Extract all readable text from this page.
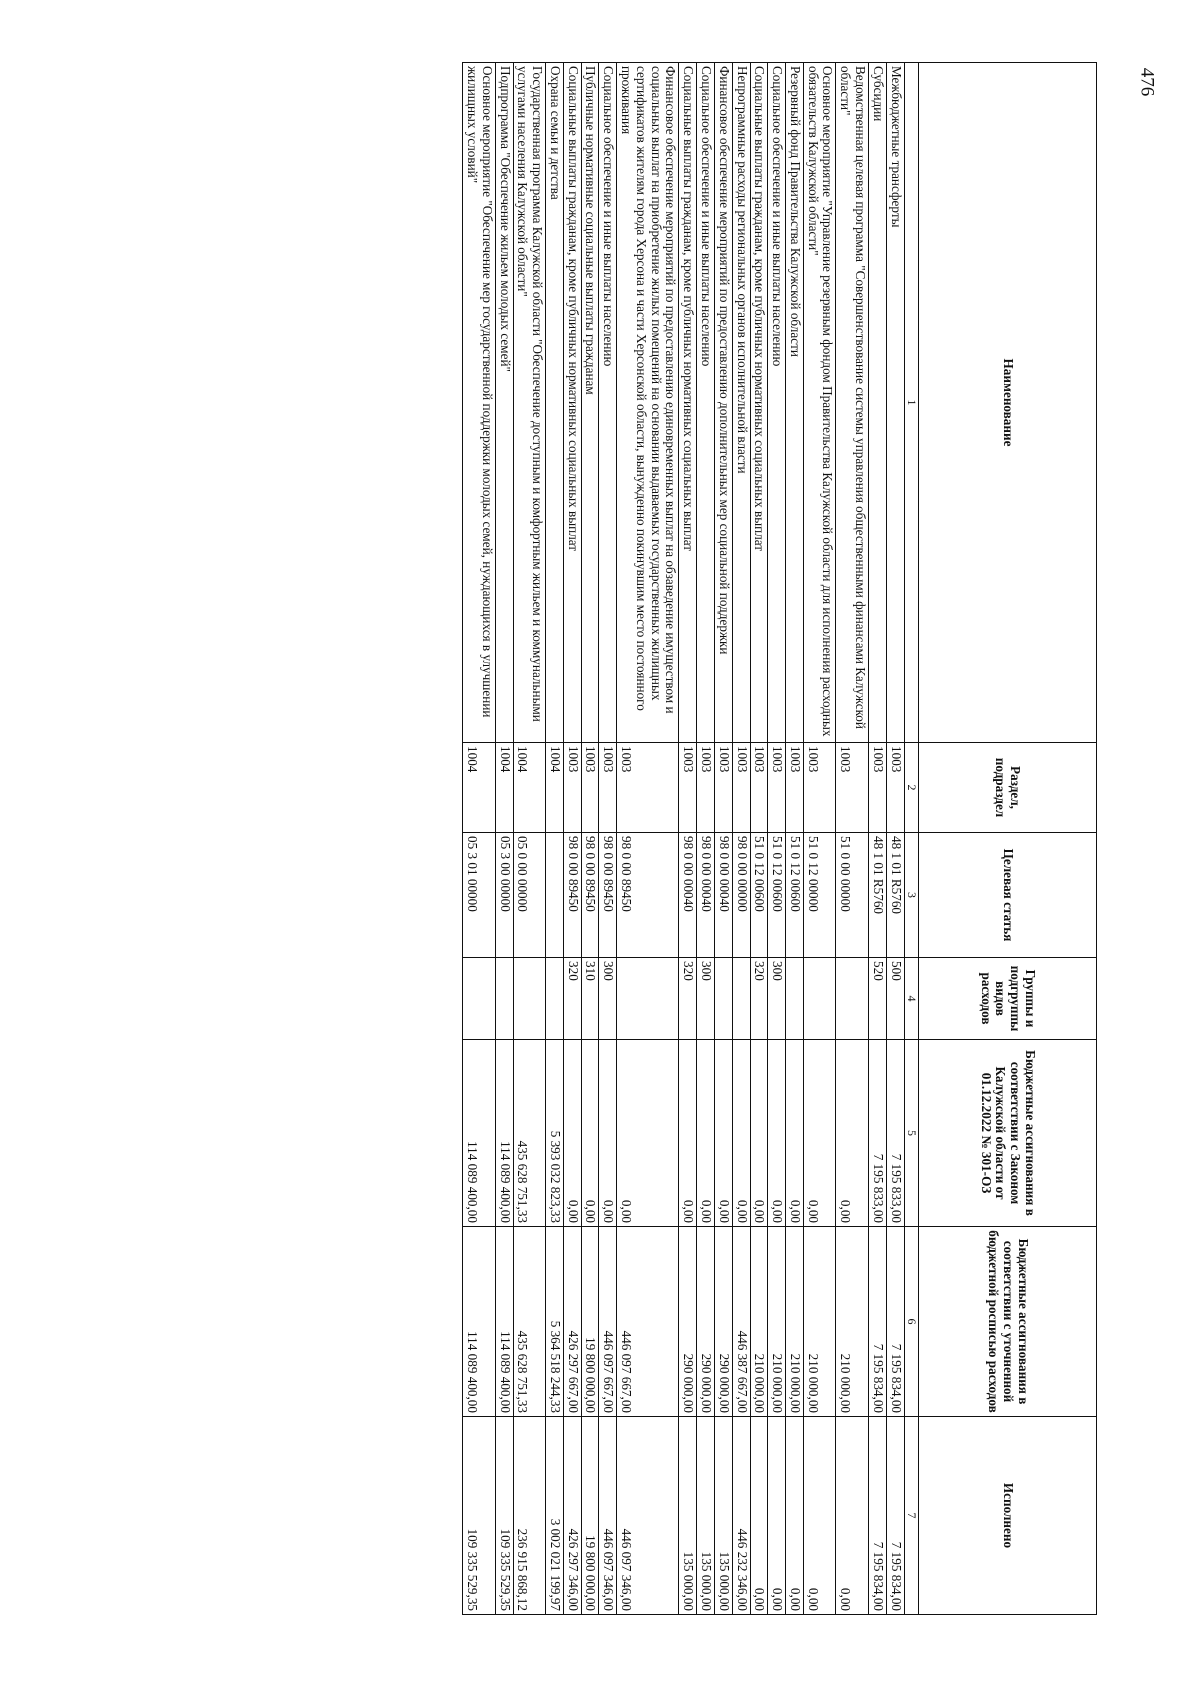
476
Наименование	Раздел, подраздел	Целевая статья	Группы и подгруппы видов расходов	Бюджетные ассигнования в соответствии с Законом Калужской области от 01.12.2022 № 301-ОЗ	Бюджетные ассигнования в соответствии с уточненной бюджетной росписью расходов	Исполнено
1	2	3	4	5	6	7
Межбюджетные трансферты	1003	48 1 01 R5760	500	7 195 833,00	7 195 834,00	7 195 834,00
Субсидии	1003	48 1 01 R5760	520	7 195 833,00	7 195 834,00	7 195 834,00
Ведомственная целевая программа "Совершенствование системы управления общественными финансами Калужской области"	1003	51 0 00 00000		0,00	210 000,00	0,00
Основное мероприятие "Управление резервным фондом Правительства Калужской области для исполнения расходных обязательств Калужской области"	1003	51 0 12 00000		0,00	210 000,00	0,00
Резервный фонд Правительства Калужской области	1003	51 0 12 00600		0,00	210 000,00	0,00
Социальное обеспечение и иные выплаты населению	1003	51 0 12 00600	300	0,00	210 000,00	0,00
Социальные выплаты гражданам, кроме публичных нормативных социальных выплат	1003	51 0 12 00600	320	0,00	210 000,00	0,00
Непрограммные расходы региональных органов исполнительной власти	1003	98 0 00 00000		0,00	446 387 667,00	446 232 346,00
Финансовое обеспечение мероприятий по предоставлению дополнительных мер социальной поддержки	1003	98 0 00 00040		0,00	290 000,00	135 000,00
Социальное обеспечение и иные выплаты населению	1003	98 0 00 00040	300	0,00	290 000,00	135 000,00
Социальные выплаты гражданам, кроме публичных нормативных социальных выплат	1003	98 0 00 00040	320	0,00	290 000,00	135 000,00
Финансовое обеспечение мероприятий по предоставлению единовременных выплат на обзаведение имуществом и социальных выплат на приобретение жилых помещений на основании выдаваемых государственных жилищных сертификатов жителям города Херсона и части Херсонской области, вынужденно покинувшим место постоянного проживания	1003	98 0 00 89450		0,00	446 097 667,00	446 097 346,00
Социальное обеспечение и иные выплаты населению	1003	98 0 00 89450	300	0,00	446 097 667,00	446 097 346,00
Публичные нормативные социальные выплаты гражданам	1003	98 0 00 89450	310	0,00	19 800 000,00	19 800 000,00
Социальные выплаты гражданам, кроме публичных нормативных социальных выплат	1003	98 0 00 89450	320	0,00	426 297 667,00	426 297 346,00
Охрана семьи и детства	1004			5 393 032 823,33	5 364 518 244,33	3 002 021 199,97
Государственная программа Калужской области "Обеспечение доступным и комфортным жильем и коммунальными услугами населения Калужской области"	1004	05 0 00 00000		435 628 751,33	435 628 751,33	236 915 868,12
Подпрограмма "Обеспечение жильем молодых семей"	1004	05 3 00 00000		114 089 400,00	114 089 400,00	109 335 529,35
Основное мероприятие "Обеспечение мер государственной поддержки молодых семей, нуждающихся в улучшении жилищных условий"	1004	05 3 01 00000		114 089 400,00	114 089 400,00	109 335 529,35
